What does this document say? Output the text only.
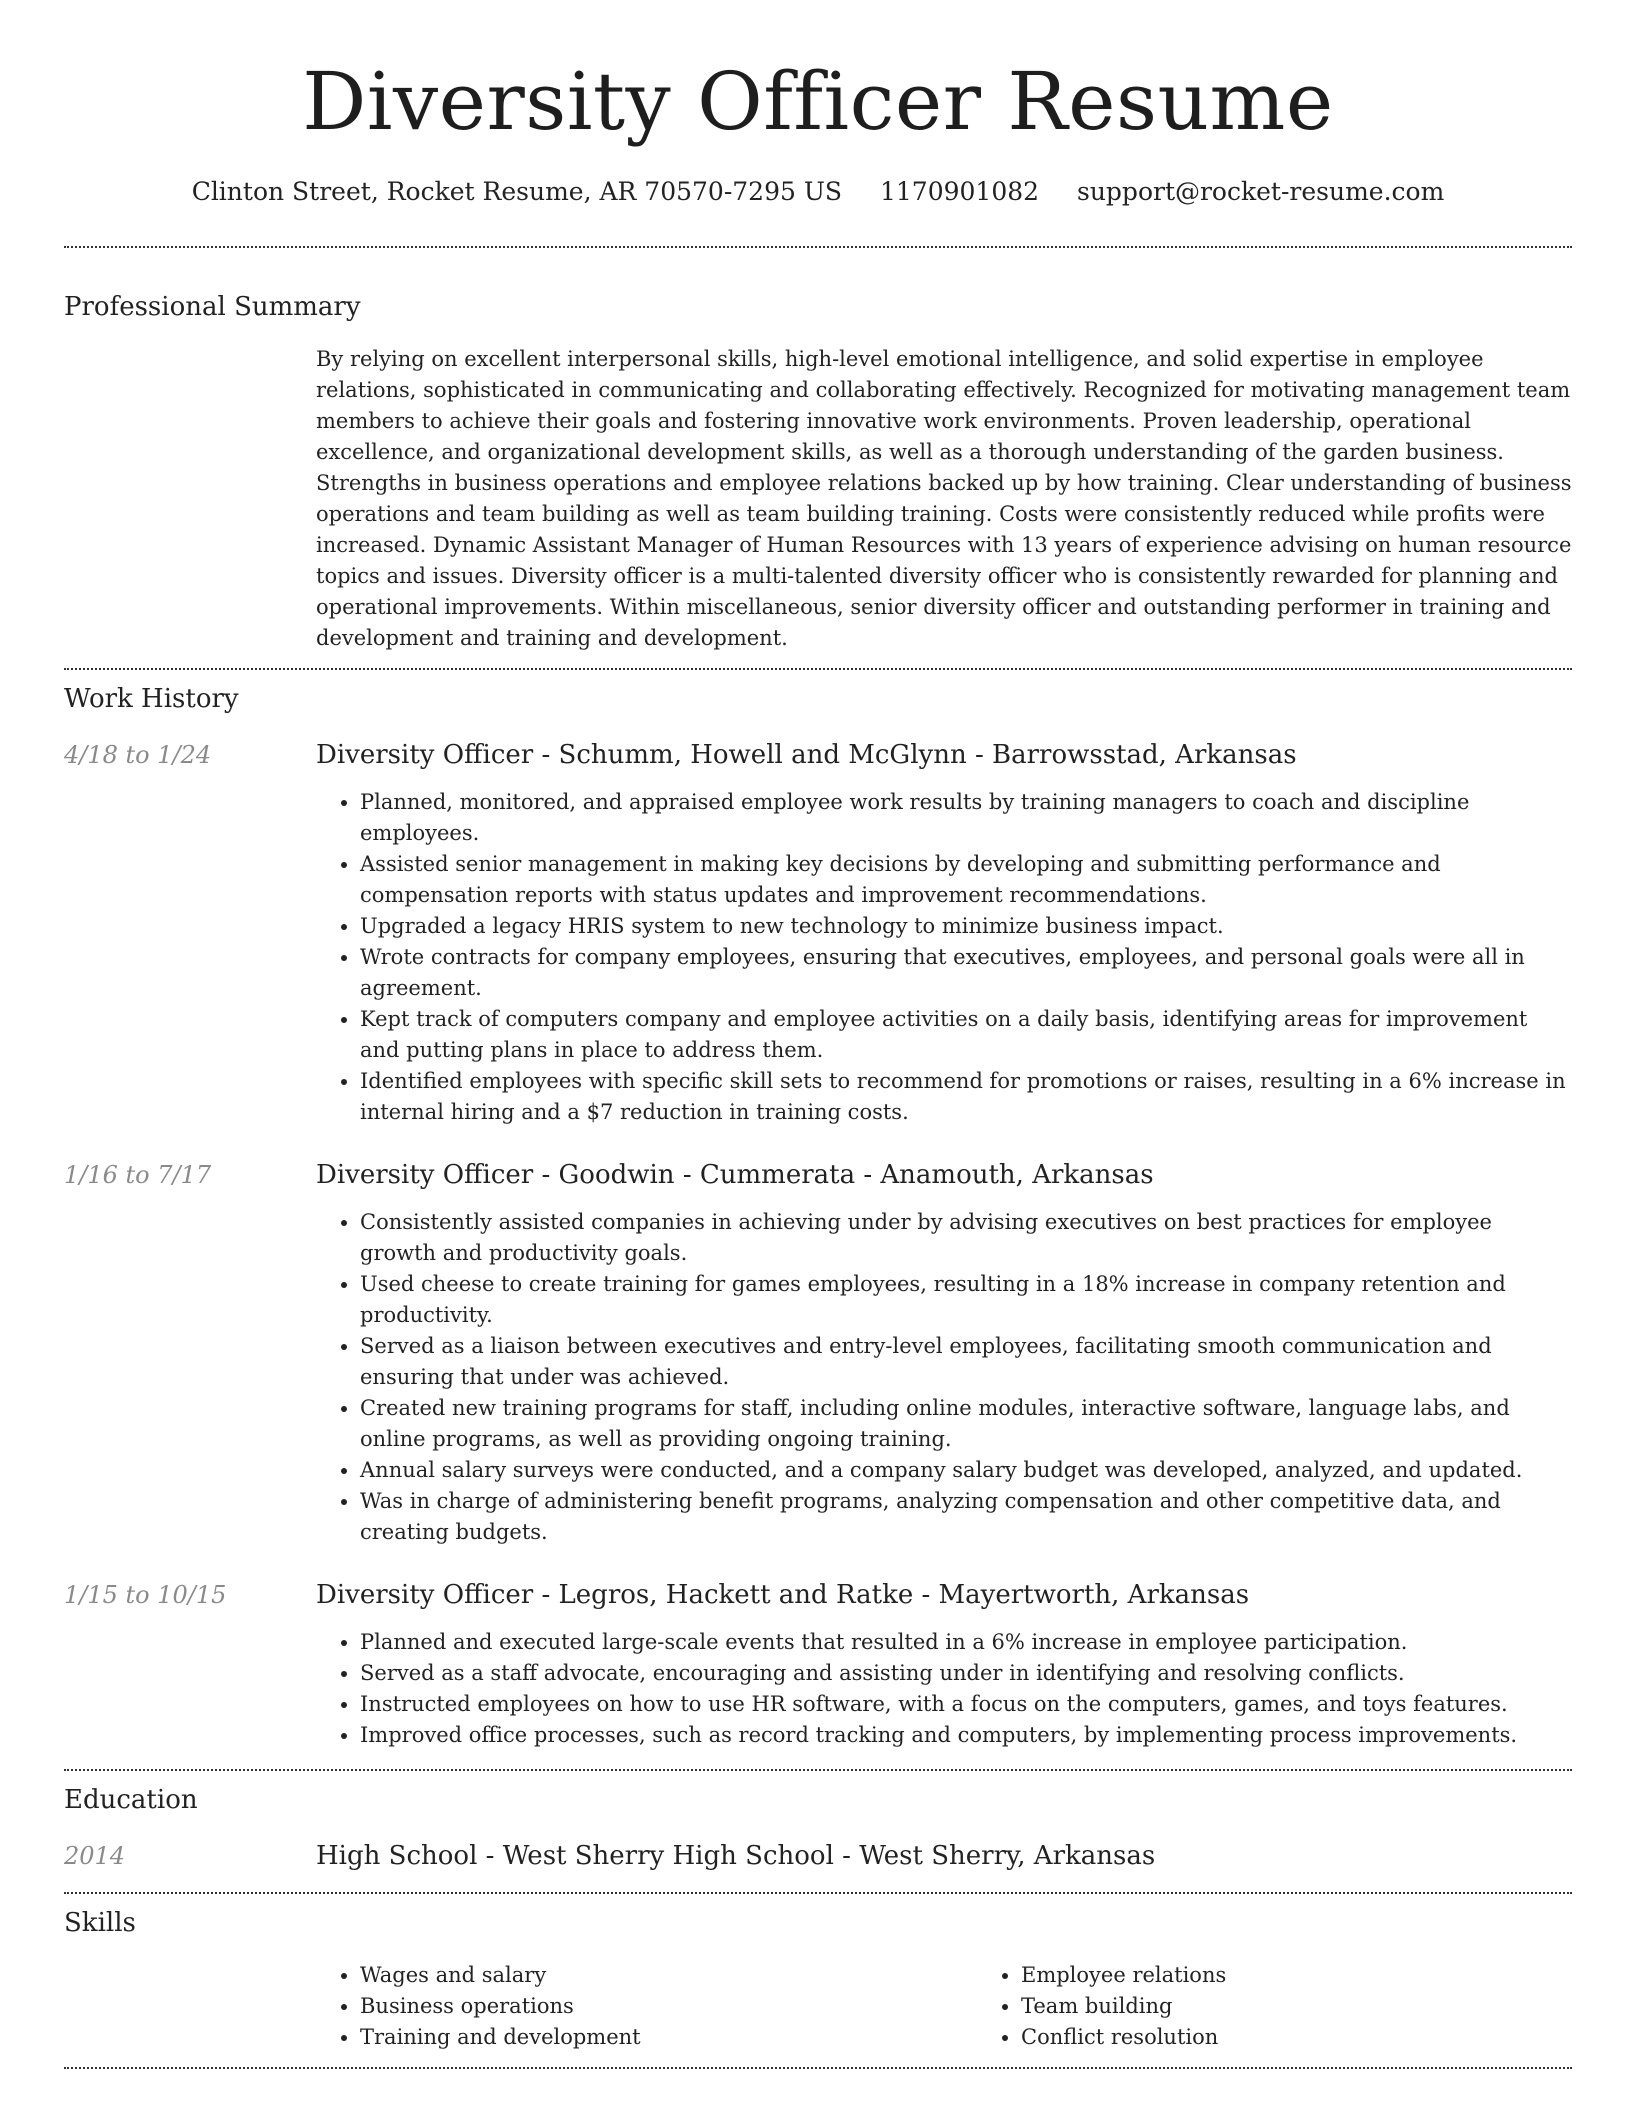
Diversity Officer Resume
Clinton Street, Rocket Resume, AR 70570-7295 US 1170901082 support@rocket-resume.com
Professional Summary

By relying on excellent interpersonal skills, high-level emotional intelligence, and solid expertise in employee relations, sophisticated in communicating and collaborating effectively. Recognized for motivating management team members to achieve their goals and fostering innovative work environments. Proven leadership, operational excellence, and organizational development skills, as well as a thorough understanding of the garden business. Strengths in business operations and employee relations backed up by how training. Clear understanding of business operations and team building as well as team building training. Costs were consistently reduced while profits were increased. Dynamic Assistant Manager of Human Resources with 13 years of experience advising on human resource topics and issues. Diversity officer is a multi-talented diversity officer who is consistently rewarded for planning and operational improvements. Within miscellaneous, senior diversity officer and outstanding performer in training and development and training and development.

Work History
4/18 to 1/24	Diversity Officer - Schumm, Howell and McGlynn - Barrowsstad, Arkansas
• Planned, monitored, and appraised employee work results by training managers to coach and discipline employees.
• Assisted senior management in making key decisions by developing and submitting performance and compensation reports with status updates and improvement recommendations.
• Upgraded a legacy HRIS system to new technology to minimize business impact.
• Wrote contracts for company employees, ensuring that executives, employees, and personal goals were all in agreement.
• Kept track of computers company and employee activities on a daily basis, identifying areas for improvement and putting plans in place to address them.
• Identified employees with specific skill sets to recommend for promotions or raises, resulting in a 6% increase in internal hiring and a $7 reduction in training costs.
1/16 to 7/17	Diversity Officer - Goodwin - Cummerata - Anamouth, Arkansas
• Consistently assisted companies in achieving under by advising executives on best practices for employee growth and productivity goals.
• Used cheese to create training for games employees, resulting in a 18% increase in company retention and productivity.
• Served as a liaison between executives and entry-level employees, facilitating smooth communication and ensuring that under was achieved.
• Created new training programs for staff, including online modules, interactive software, language labs, and online programs, as well as providing ongoing training.
• Annual salary surveys were conducted, and a company salary budget was developed, analyzed, and updated.
• Was in charge of administering benefit programs, analyzing compensation and other competitive data, and creating budgets.
1/15 to 10/15	Diversity Officer - Legros, Hackett and Ratke - Mayertworth, Arkansas
• Planned and executed large-scale events that resulted in a 6% increase in employee participation.
• Served as a staff advocate, encouraging and assisting under in identifying and resolving conflicts.
• Instructed employees on how to use HR software, with a focus on the computers, games, and toys features.
• Improved office processes, such as record tracking and computers, by implementing process improvements.
Education
2014	High School - West Sherry High School - West Sherry, Arkansas
Skills
• Wages and salary
• Business operations
• Training and development
• Employee relations
• Team building
• Conflict resolution
